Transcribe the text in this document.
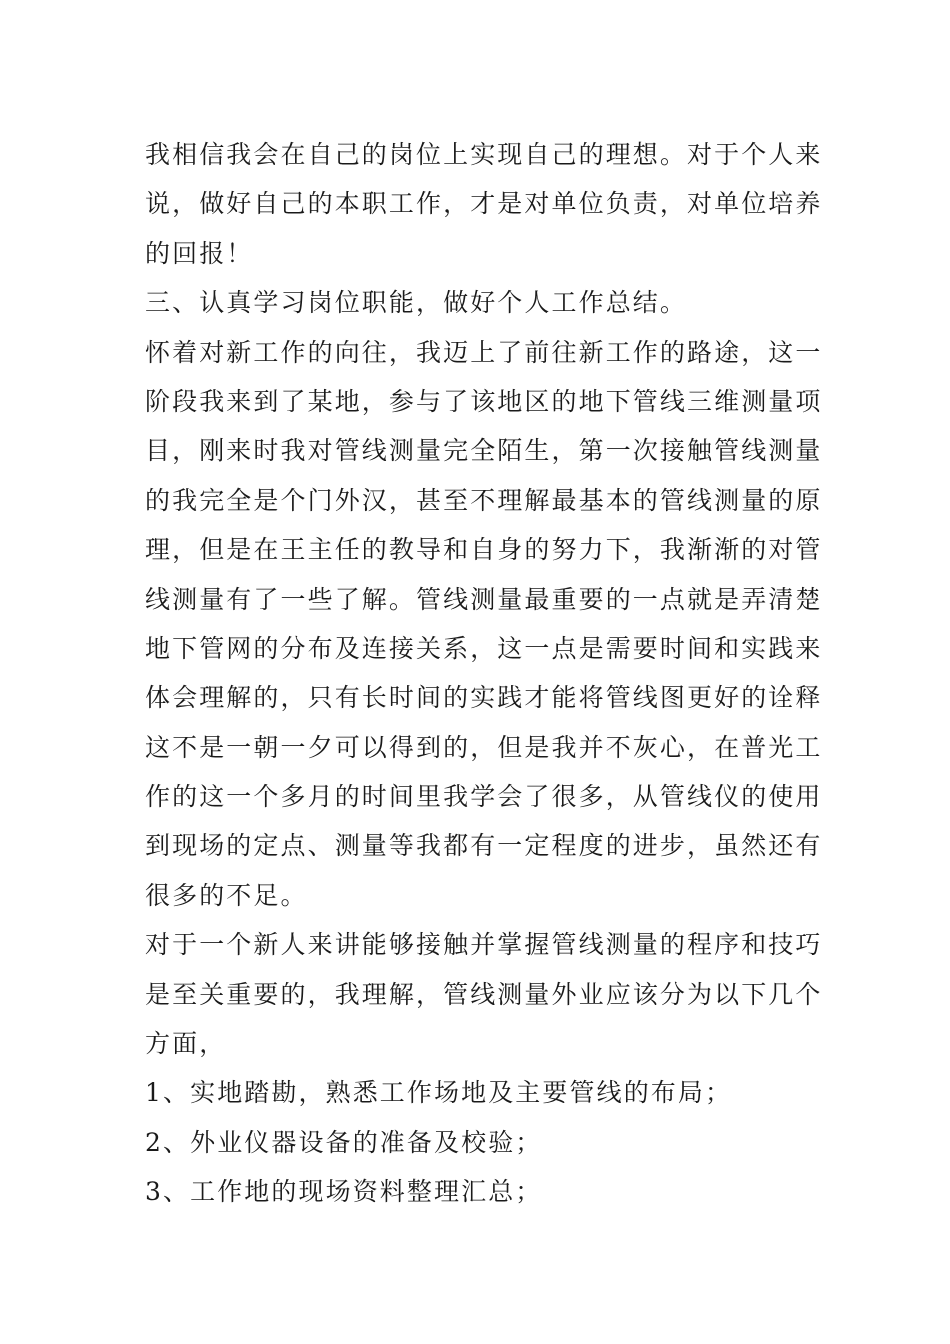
我相信我会在自己的岗位上实现自己的理想。对于个人来
说，做好自己的本职工作，才是对单位负责，对单位培养
的回报！
三、认真学习岗位职能，做好个人工作总结。
怀着对新工作的向往，我迈上了前往新工作的路途，这一
阶段我来到了某地，参与了该地区的地下管线三维测量项
目，刚来时我对管线测量完全陌生，第一次接触管线测量
的我完全是个门外汉，甚至不理解最基本的管线测量的原
理，但是在王主任的教导和自身的努力下，我渐渐的对管
线测量有了一些了解。管线测量最重要的一点就是弄清楚
地下管网的分布及连接关系，这一点是需要时间和实践来
体会理解的，只有长时间的实践才能将管线图更好的诠释
这不是一朝一夕可以得到的，但是我并不灰心，在普光工
作的这一个多月的时间里我学会了很多，从管线仪的使用
到现场的定点、测量等我都有一定程度的进步，虽然还有
很多的不足。
对于一个新人来讲能够接触并掌握管线测量的程序和技巧
是至关重要的，我理解，管线测量外业应该分为以下几个
方面，
1、实地踏勘，熟悉工作场地及主要管线的布局；
2、外业仪器设备的准备及校验；
3、工作地的现场资料整理汇总；
